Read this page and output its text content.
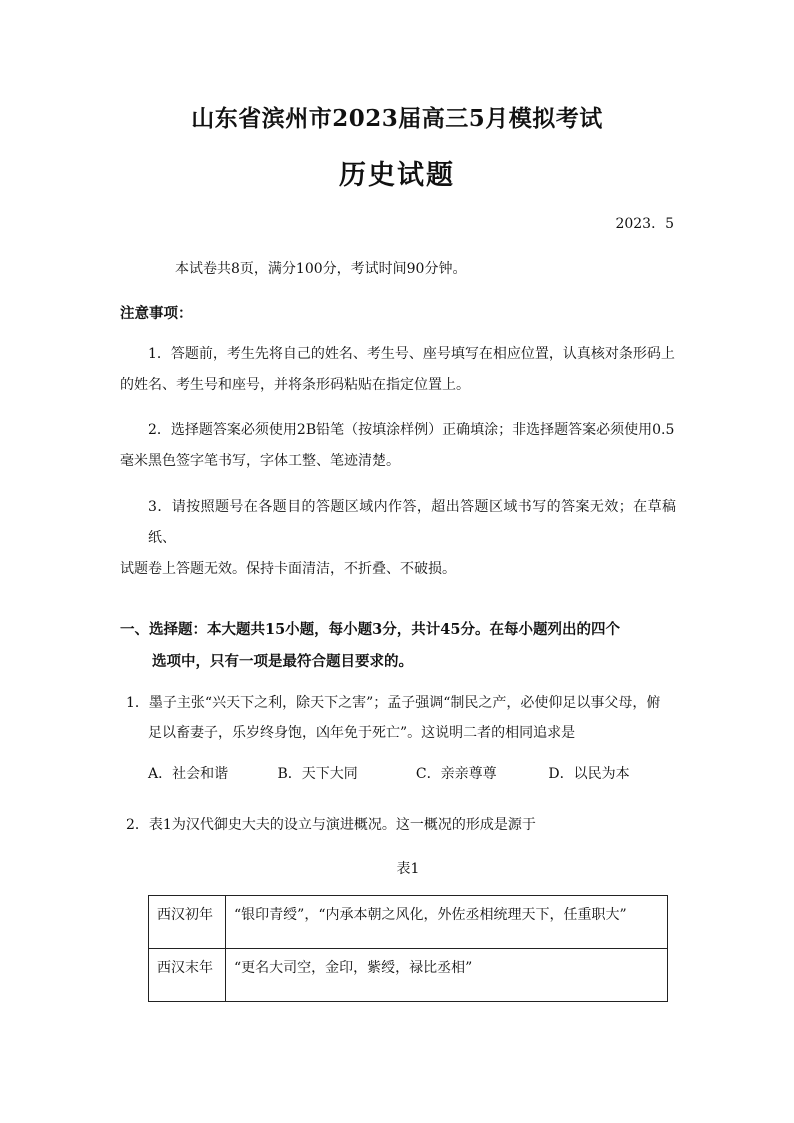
山东省滨州市2023届高三5月模拟考试
历史试题
2023．5
本试卷共8页，满分100分，考试时间90分钟。
注意事项：
1．答题前，考生先将自己的姓名、考生号、座号填写在相应位置，认真核对条形码上
的姓名、考生号和座号，并将条形码粘贴在指定位置上。
2．选择题答案必须使用2B铅笔（按填涂样例）正确填涂；非选择题答案必须使用0.5
毫米黑色签字笔书写，字体工整、笔迹清楚。
3．请按照题号在各题目的答题区域内作答，超出答题区域书写的答案无效；在草稿纸、
试题卷上答题无效。保持卡面清洁，不折叠、不破损。
一、选择题：本大题共15小题，每小题3分，共计45分。在每小题列出的四个
选项中，只有一项是最符合题目要求的。
1．墨子主张“兴天下之利，除天下之害”；孟子强调“制民之产，必使仰足以事父母，俯
足以畜妻子，乐岁终身饱，凶年免于死亡”。这说明二者的相同追求是
A．社会和谐	B．天下大同	C．亲亲尊尊	D．以民为本
2．表1为汉代御史大夫的设立与演进概况。这一概况的形成是源于
表1
西汉初年	“银印青绶”，“内承本朝之风化，外佐丞相统理天下，任重职大”
西汉末年	“更名大司空，金印，紫绶，禄比丞相”
